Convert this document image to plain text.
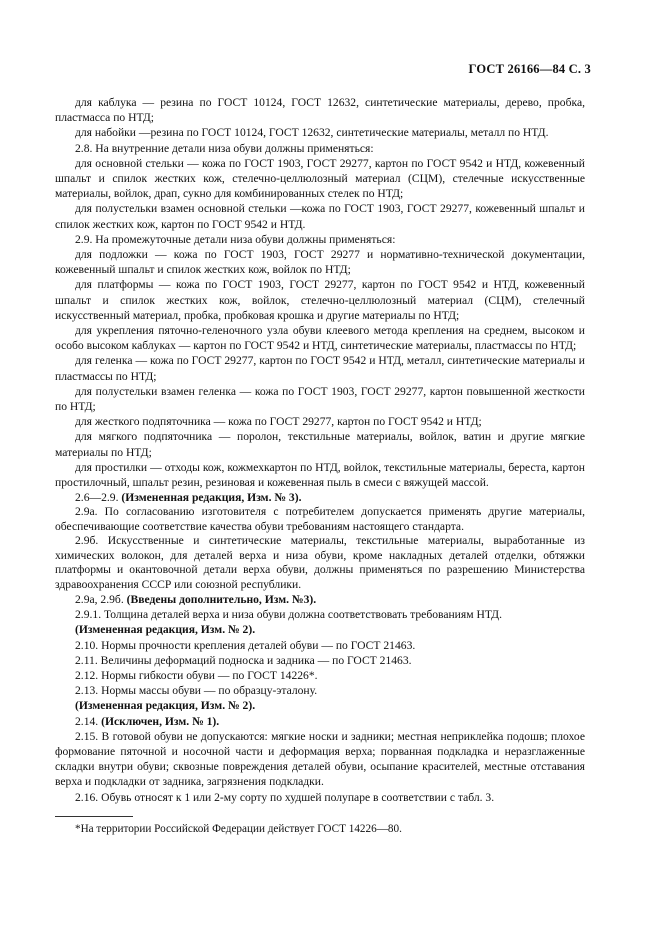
ГОСТ 26166—84 С. 3

для каблука — резина по ГОСТ 10124, ГОСТ 12632, синтетические материалы, дерево, пробка, пластмасса по НТД;

для набойки —резина по ГОСТ 10124, ГОСТ 12632, синтетические материалы, металл по НТД.

2.8. На внутренние детали низа обуви должны применяться:

для основной стельки — кожа по ГОСТ 1903, ГОСТ 29277, картон по ГОСТ 9542 и НТД, кожевенный шпальт и спилок жестких кож, стелечно-целлюлозный материал (СЦМ), стелечные искусственные материалы, войлок, драп, сукно для комбинированных стелек по НТД;

для полустельки взамен основной стельки —кожа по ГОСТ 1903, ГОСТ 29277, кожевенный шпальт и спилок жестких кож, картон по ГОСТ 9542 и НТД.

2.9. На промежуточные детали низа обуви должны применяться:

для подложки — кожа по ГОСТ 1903, ГОСТ 29277 и нормативно-технической документации, кожевенный шпальт и спилок жестких кож, войлок по НТД;

для платформы — кожа по ГОСТ 1903, ГОСТ 29277, картон по ГОСТ 9542 и НТД, кожевенный шпальт и спилок жестких кож, войлок, стелечно-целлюлозный материал (СЦМ), стелечный искусственный материал, пробка, пробковая крошка и другие материалы по НТД;

для укрепления пяточно-геленочного узла обуви клеевого метода крепления на среднем, высоком и особо высоком каблуках — картон по ГОСТ 9542 и НТД, синтетические материалы, пластмассы по НТД;

для геленка — кожа по ГОСТ 29277, картон по ГОСТ 9542 и НТД, металл, синтетические материалы и пластмассы по НТД;

для полустельки взамен геленка — кожа по ГОСТ 1903, ГОСТ 29277, картон повышенной жесткости по НТД;

для жесткого подпяточника — кожа по ГОСТ 29277, картон по ГОСТ 9542 и НТД;

для мягкого подпяточника — поролон, текстильные материалы, войлок, ватин и другие мягкие материалы по НТД;

для простилки — отходы кож, кожмехкартон по НТД, войлок, текстильные материалы, береста, картон простилочный, шпальт резин, резиновая и кожевенная пыль в смеси с вяжущей массой.

2.6—2.9. (Измененная редакция, Изм. № 3).

2.9а. По согласованию изготовителя с потребителем допускается применять другие материалы, обеспечивающие соответствие качества обуви требованиям настоящего стандарта.

2.9б. Искусственные и синтетические материалы, текстильные материалы, выработанные из химических волокон, для деталей верха и низа обуви, кроме накладных деталей отделки, обтяжки платформы и окантовочной детали верха обуви, должны применяться по разрешению Министерства здравоохранения СССР или союзной республики.

2.9а, 2.9б. (Введены дополнительно, Изм. №3).

2.9.1. Толщина деталей верха и низа обуви должна соответствовать требованиям НТД.

(Измененная редакция, Изм. № 2).

2.10. Нормы прочности крепления деталей обуви — по ГОСТ 21463.

2.11. Величины деформаций подноска и задника — по ГОСТ 21463.

2.12. Нормы гибкости обуви — по ГОСТ 14226*.

2.13. Нормы массы обуви — по образцу-эталону.

(Измененная редакция, Изм. № 2).

2.14. (Исключен, Изм. № 1).

2.15. В готовой обуви не допускаются: мягкие носки и задники; местная неприклейка подошв; плохое формование пяточной и носочной части и деформация верха; порванная подкладка и неразглаженные складки внутри обуви; сквозные повреждения деталей обуви, осыпание красителей, местные отставания верха и подкладки от задника, загрязнения подкладки.

2.16. Обувь относят к 1 или 2-му сорту по худшей полупаре в соответствии с табл. 3.

*На территории Российской Федерации действует ГОСТ 14226—80.
